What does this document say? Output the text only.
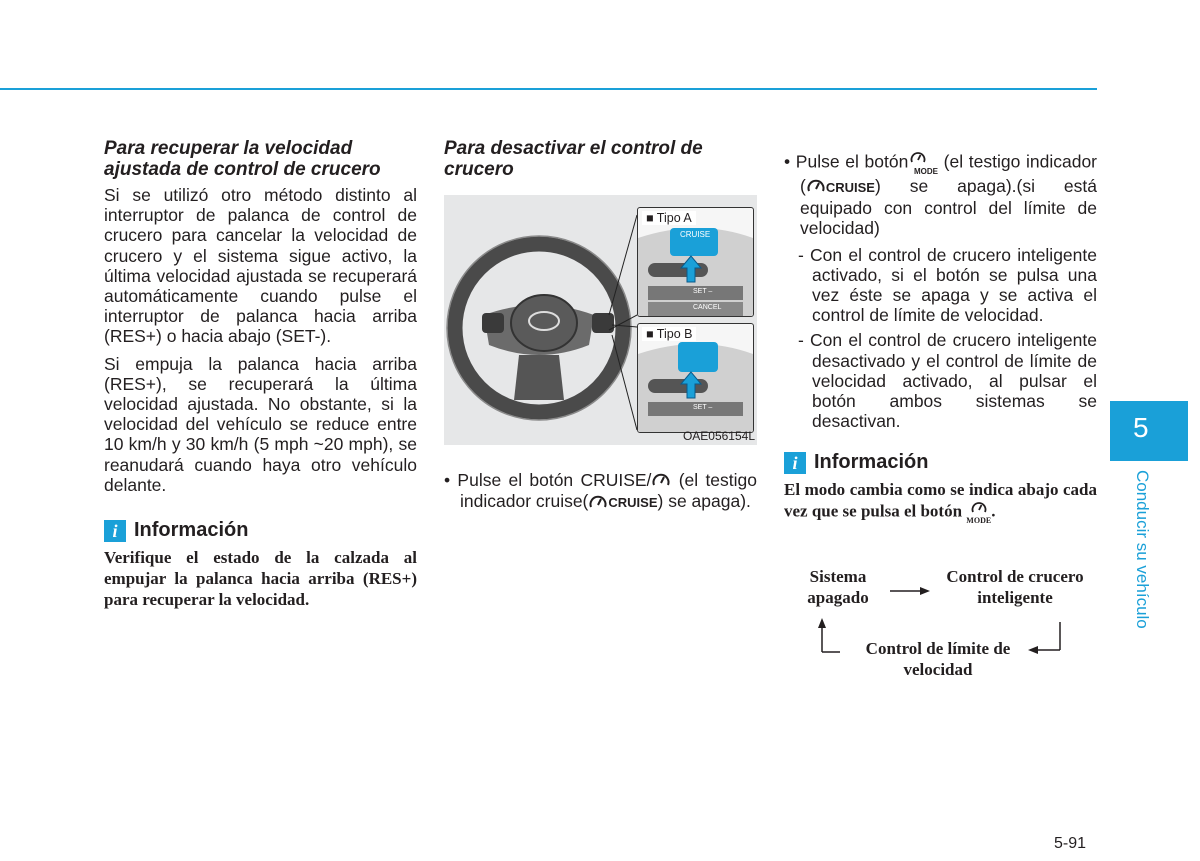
Para recuperar la velocidad ajustada de control de crucero

Si se utilizó otro método distinto al interruptor de palanca de control de crucero para cancelar la velocidad de crucero y el sistema sigue activo, la última velocidad ajustada se recuperará automáticamente cuando pulse el interruptor de palanca hacia arriba (RES+) o hacia abajo (SET-).

Si empuja la palanca hacia arriba (RES+), se recuperará la última velocidad ajustada. No obstante, si la velocidad del vehículo se reduce entre 10 km/h y 30 km/h (5 mph ~20 mph), se reanudará cuando haya otro vehículo delante.

i Información

Verifique el estado de la calzada al empujar la palanca hacia arriba (RES+) para recuperar la velocidad.

Para desactivar el control de crucero

■ Tipo A
CRUISE
SET –
CANCEL
■ Tipo B
SET –
OAE056154L

• Pulse el botón CRUISE/ (el testigo indicador cruise( CRUISE) se apaga).

• Pulse el botón
MODE (el testigo indicador ( CRUISE) se apaga).(si está equipado con control del límite de velocidad)

- Con el control de crucero inteligente activado, si el botón se pulsa una vez éste se apaga y se activa el control de límite de velocidad.

- Con el control de crucero inteligente desactivado y el control de límite de velocidad activado, al pulsar el botón ambos sistemas se desactivan.

i Información

El modo cambia como se indica abajo cada vez que se pulsa el botón
MODE.

Sistema apagado
Control de crucero inteligente
Control de límite de velocidad
5
Conducir su vehículo
5-91
